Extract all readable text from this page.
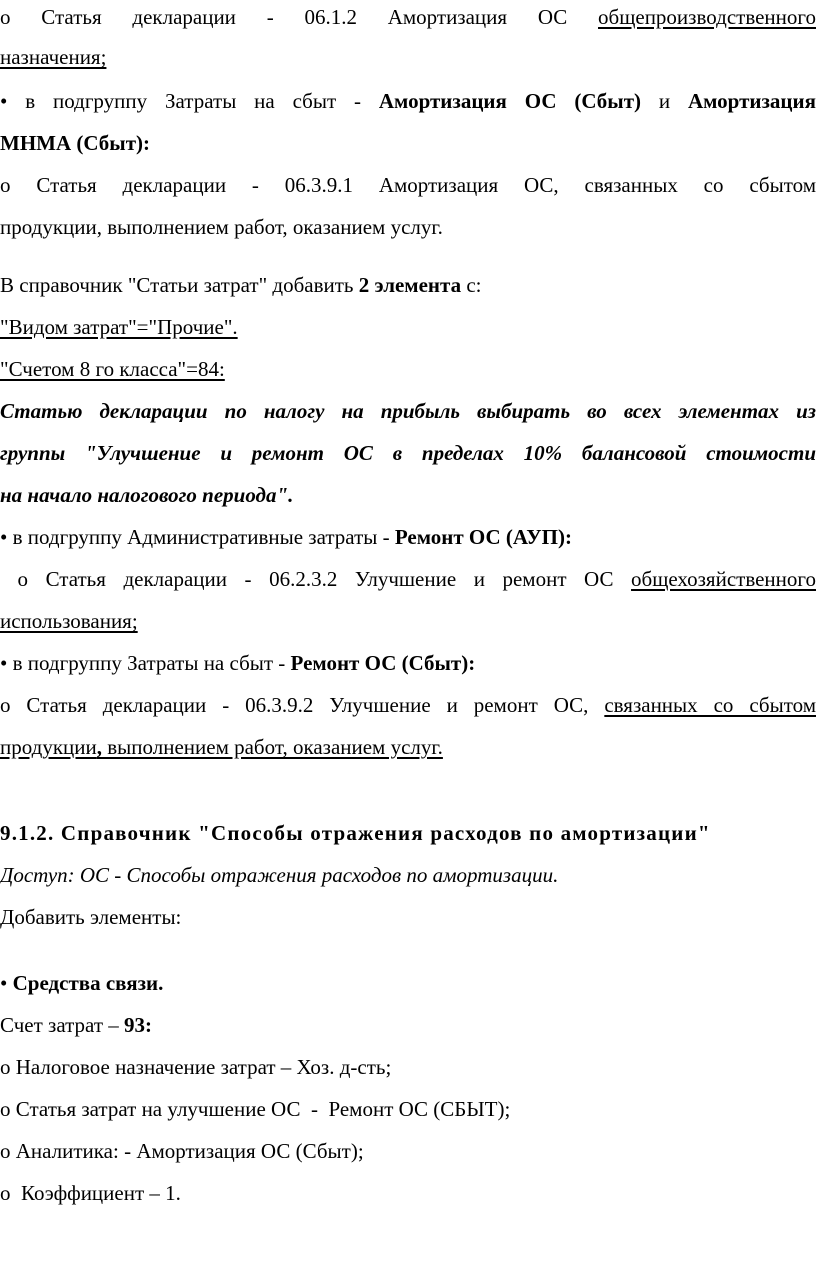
o Статья декларации - 06.1.2 Амортизация ОС общепроизводственного
назначения;
• в подгруппу Затраты на сбыт - Амортизация ОС (Сбыт) и Амортизация
МНМА (Сбыт):
o Статья декларации - 06.3.9.1 Амортизация ОС, связанных со сбытом
продукции, выполнением работ, оказанием услуг.
В справочник "Статьи затрат" добавить 2 элемента с:
"Видом затрат"="Прочие".
"Счетом 8 го класса"=84:
Статью декларации по налогу на прибыль выбирать во всех элементах из
группы "Улучшение и ремонт ОС в пределах 10% балансовой стоимости
на начало налогового периода".
• в подгруппу Административные затраты - Ремонт ОС (АУП):
o Статья декларации - 06.2.3.2 Улучшение и ремонт ОС общехозяйственного
использования;
• в подгруппу Затраты на сбыт - Ремонт ОС (Сбыт):
o Статья декларации - 06.3.9.2 Улучшение и ремонт ОС, связанных со сбытом
продукции, выполнением работ, оказанием услуг.
9.1.2. Справочник "Способы отражения расходов по амортизации"
Доступ: ОС - Способы отражения расходов по амортизации.
Добавить элементы:
• Средства связи.
Счет затрат – 93:
o Налоговое назначение затрат – Хоз. д-сть;
o Статья затрат на улучшение ОС  -  Ремонт ОС (СБЫТ);
o Аналитика: - Амортизация ОС (Сбыт);
o  Коэффициент – 1.
